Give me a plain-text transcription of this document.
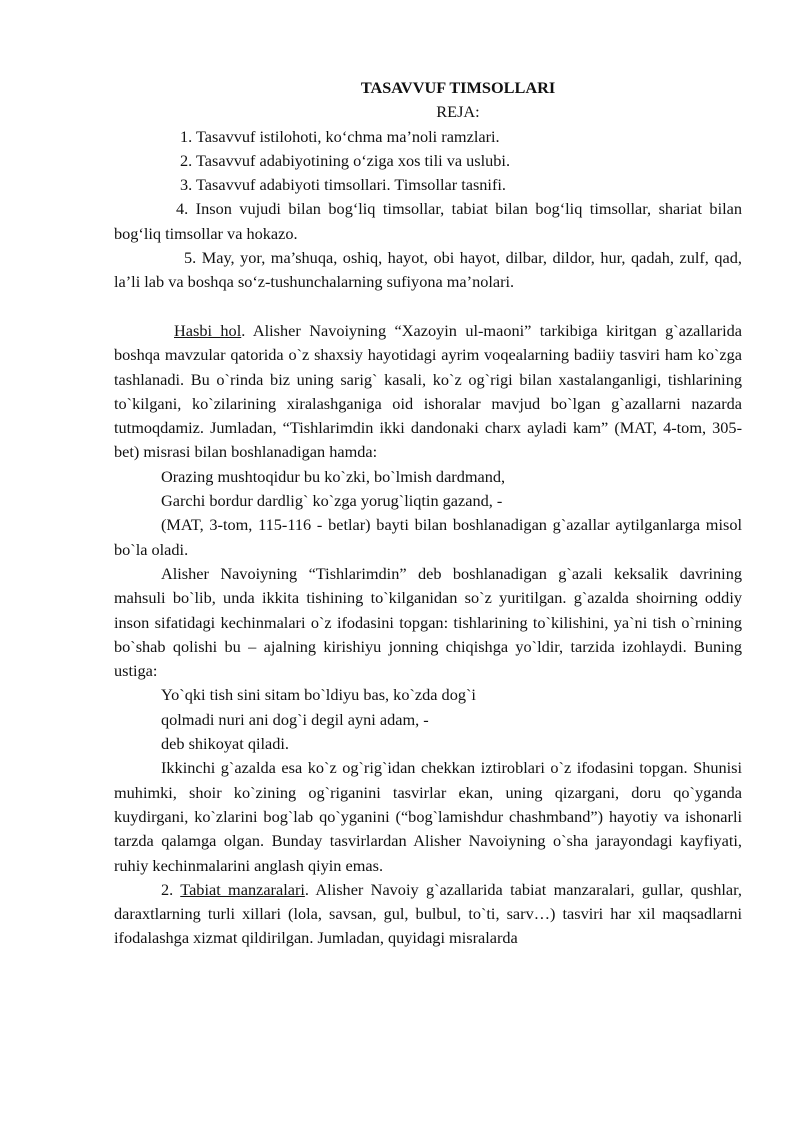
TASAVVUF TIMSOLLARI

REJA:

1. Tasavvuf istilohoti, ko‘chma ma’noli ramzlari.

2. Tasavvuf adabiyotining o‘ziga xos tili va uslubi.

3. Tasavvuf adabiyoti timsollari. Timsollar tasnifi.

4. Inson vujudi bilan bog‘liq timsollar, tabiat bilan bog‘liq timsollar, shariat bilan bog‘liq timsollar va hokazo.

5. May, yor, ma’shuqa, oshiq, hayot, obi hayot, dilbar, dildor, hur, qadah, zulf, qad, la’li lab va boshqa so‘z-tushunchalarning sufiyona ma’nolari.

Hasbi hol. Alisher Navoiyning “Xazoyin ul-maoni” tarkibiga kiritgan g`azallarida boshqa mavzular qatorida o`z shaxsiy hayotidagi ayrim voqealarning badiiy tasviri ham ko`zga tashlanadi. Bu o`rinda biz uning sarig` kasali, ko`z og`rigi bilan xastalanganligi, tishlarining to`kilgani, ko`zilarining xiralashganiga oid ishoralar mavjud bo`lgan g`azallarni nazarda tutmoqdamiz. Jumladan, “Tishlarimdin ikki dandonaki charx ayladi kam” (MAT, 4-tom, 305-bet) misrasi bilan boshlanadigan hamda:

Orazing mushtoqidur bu ko`zki, bo`lmish dardmand,

Garchi bordur dardlig` ko`zga yorug`liqtin gazand, -

(MAT, 3-tom, 115-116 - betlar) bayti bilan boshlanadigan g`azallar aytilganlarga misol bo`la oladi.

Alisher Navoiyning “Tishlarimdin” deb boshlanadigan g`azali keksalik davrining mahsuli bo`lib, unda ikkita tishining to`kilganidan so`z yuritilgan. g`azalda shoirning oddiy inson sifatidagi kechinmalari o`z ifodasini topgan: tishlarining to`kilishini, ya`ni tish o`rnining bo`shab qolishi bu – ajalning kirishiyu jonning chiqishga yo`ldir, tarzida izohlaydi. Buning ustiga:

Yo`qki tish sini sitam bo`ldiyu bas, ko`zda dog`i

qolmadi nuri ani dog`i degil ayni adam, -

deb shikoyat qiladi.

Ikkinchi g`azalda esa ko`z og`rig`idan chekkan iztiroblari o`z ifodasini topgan. Shunisi muhimki, shoir ko`zining og`riganini tasvirlar ekan, uning qizargani, doru qo`yganda kuydirgani, ko`zlarini bog`lab qo`yganini (“bog`lamishdur chashmband”) hayotiy va ishonarli tarzda qalamga olgan. Bunday tasvirlardan Alisher Navoiyning o`sha jarayondagi kayfiyati, ruhiy kechinmalarini anglash qiyin emas.

2. Tabiat manzaralari. Alisher Navoiy g`azallarida tabiat manzaralari, gullar, qushlar, daraxtlarning turli xillari (lola, savsan, gul, bulbul, to`ti, sarv…) tasviri har xil maqsadlarni ifodalashga xizmat qildirilgan. Jumladan, quyidagi misralarda
